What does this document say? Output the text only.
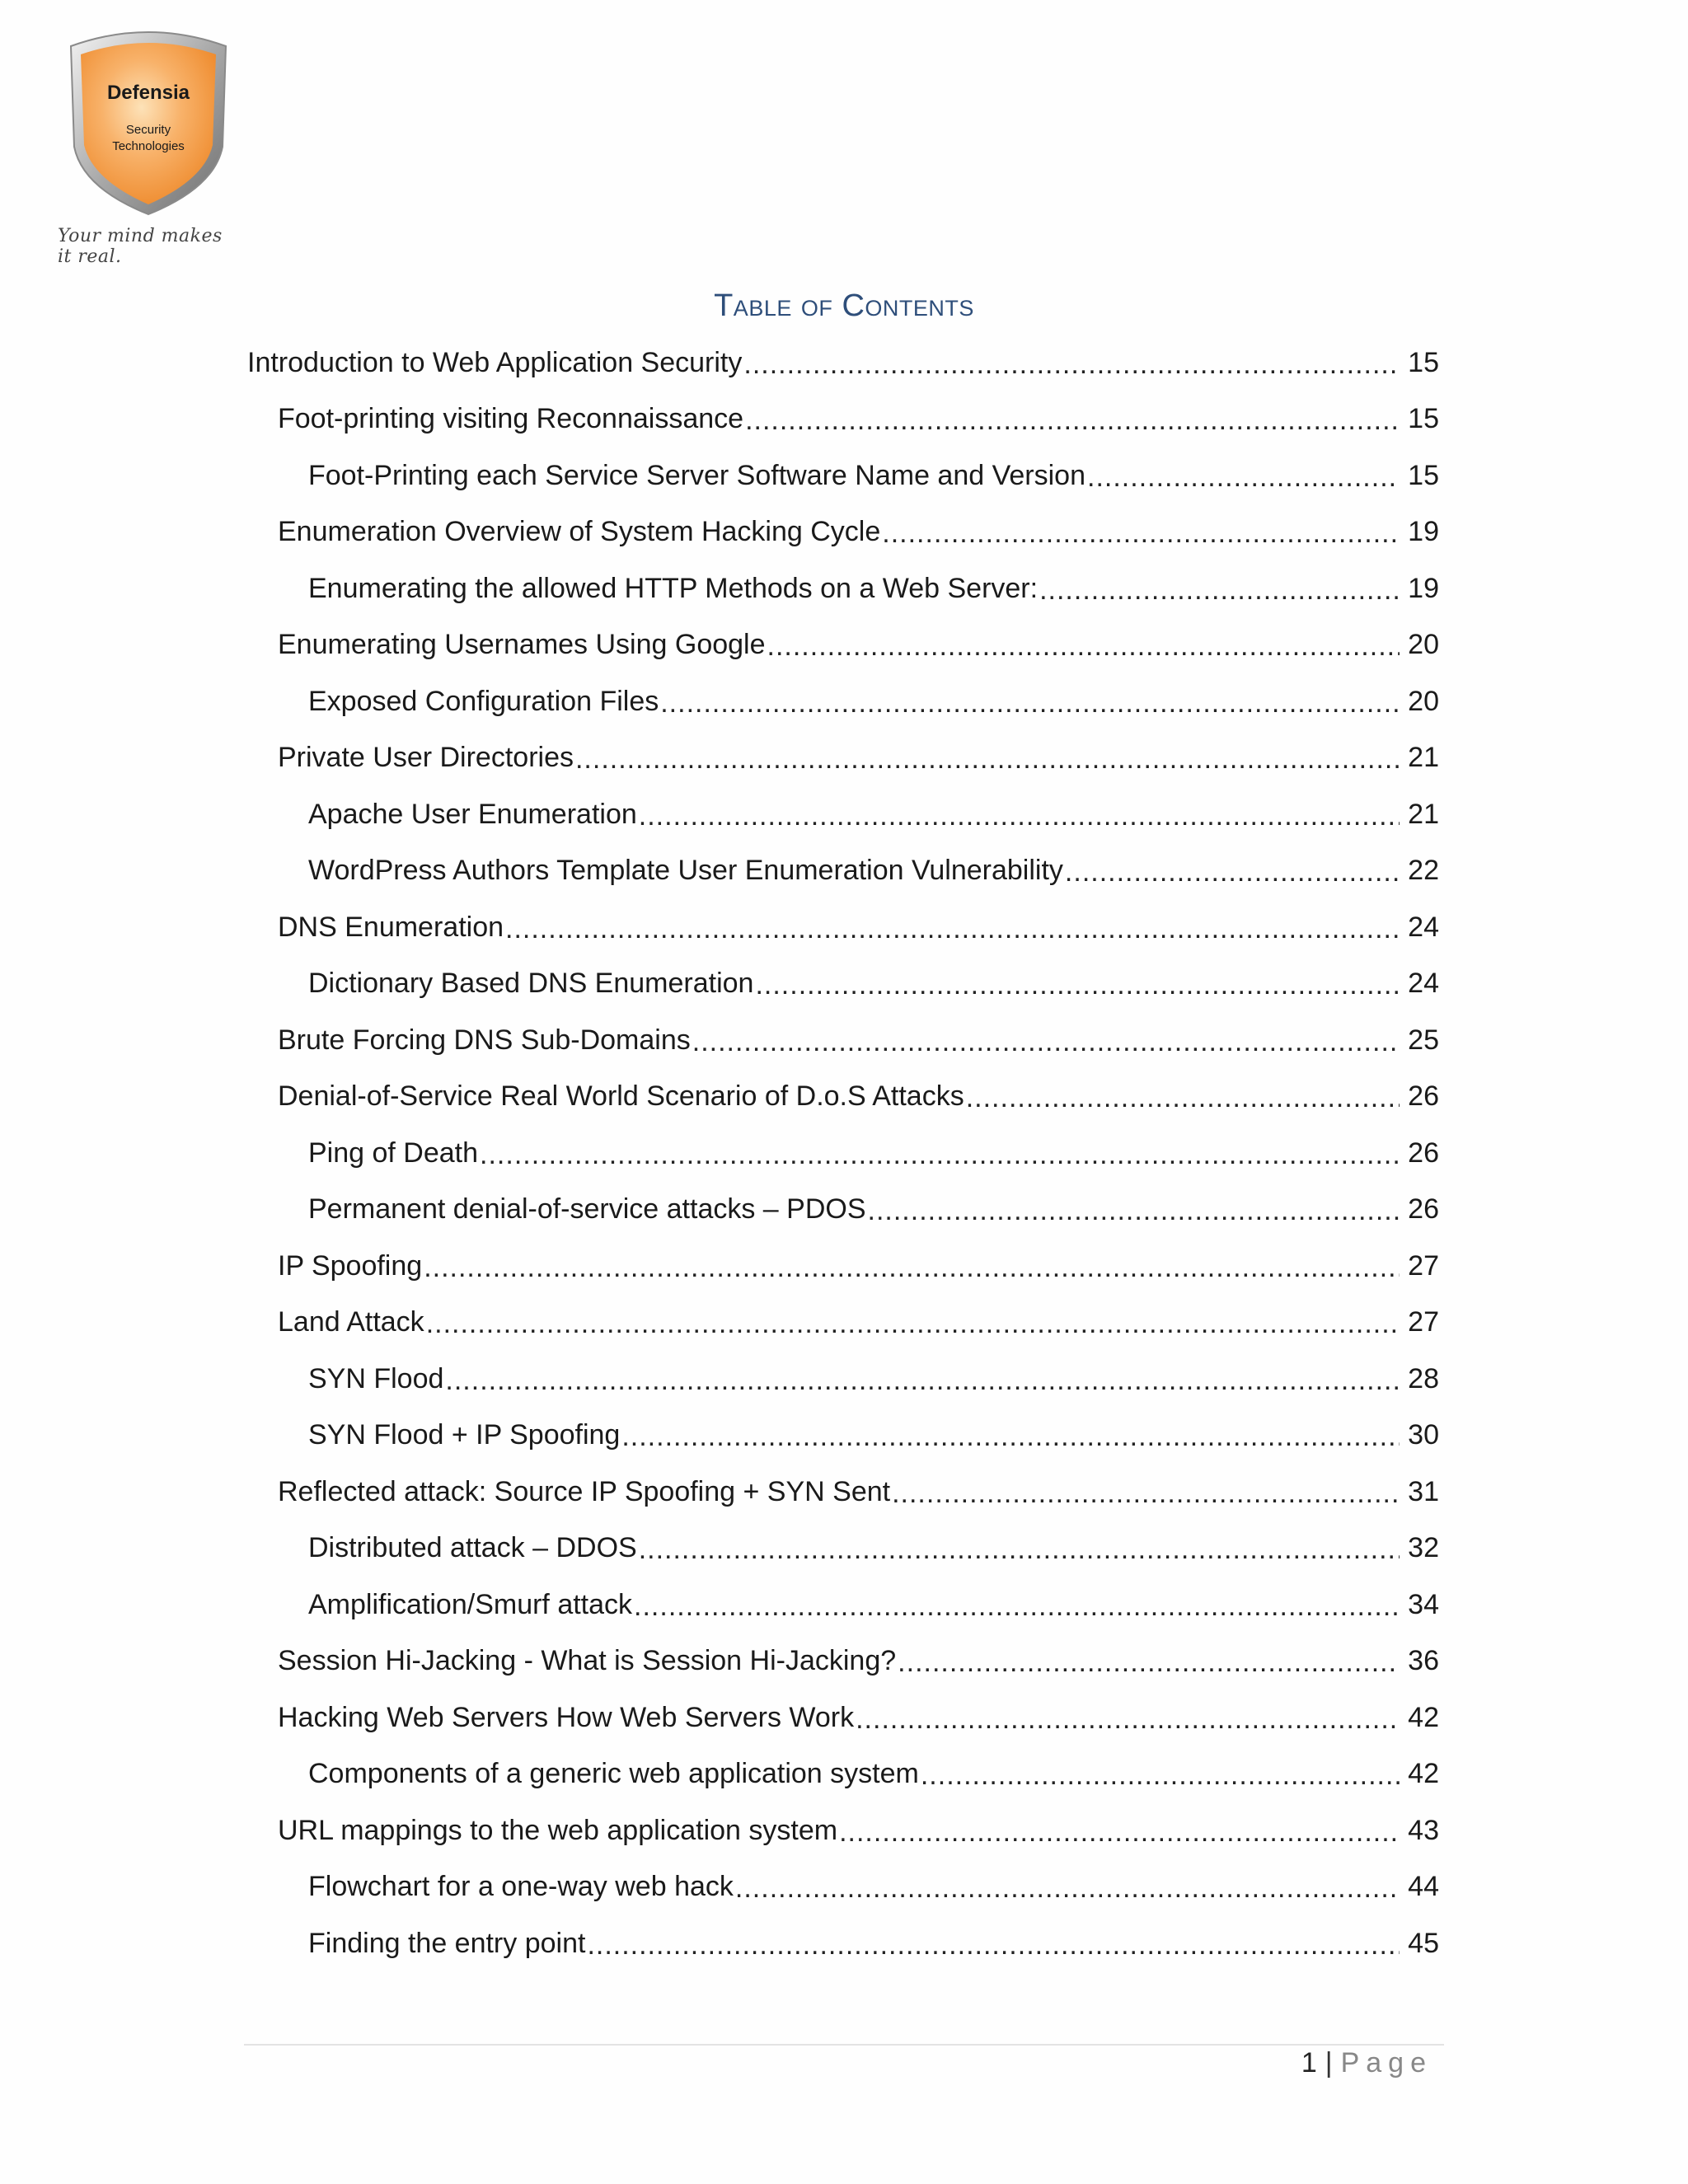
Defensia
Security
Technologies
Your mind makes it real.
Table of Contents
Introduction to Web Application Security .....	15
Foot-printing visiting Reconnaissance .....	15
Foot-Printing each Service Server Software Name and Version .....	15
Enumeration Overview of System Hacking Cycle .....	19
Enumerating the allowed HTTP Methods on a Web Server: .....	19
Enumerating Usernames Using Google .....	20
Exposed Configuration Files .....	20
Private User Directories .....	21
Apache User Enumeration .....	21
WordPress Authors Template User Enumeration Vulnerability .....	22
DNS Enumeration .....	24
Dictionary Based DNS Enumeration .....	24
Brute Forcing DNS Sub-Domains .....	25
Denial-of-Service Real World Scenario of D.o.S Attacks .....	26
Ping of Death .....	26
Permanent denial-of-service attacks – PDOS .....	26
IP Spoofing .....	27
Land Attack .....	27
SYN Flood .....	28
SYN Flood + IP Spoofing .....	30
Reflected attack: Source IP Spoofing + SYN Sent .....	31
Distributed attack – DDOS .....	32
Amplification/Smurf attack .....	34
Session Hi-Jacking - What is Session Hi-Jacking? .....	36
Hacking Web Servers How Web Servers Work .....	42
Components of a generic web application system .....	42
URL mappings to the web application system .....	43
Flowchart for a one-way web hack .....	44
Finding the entry point .....	45
1 | Page
